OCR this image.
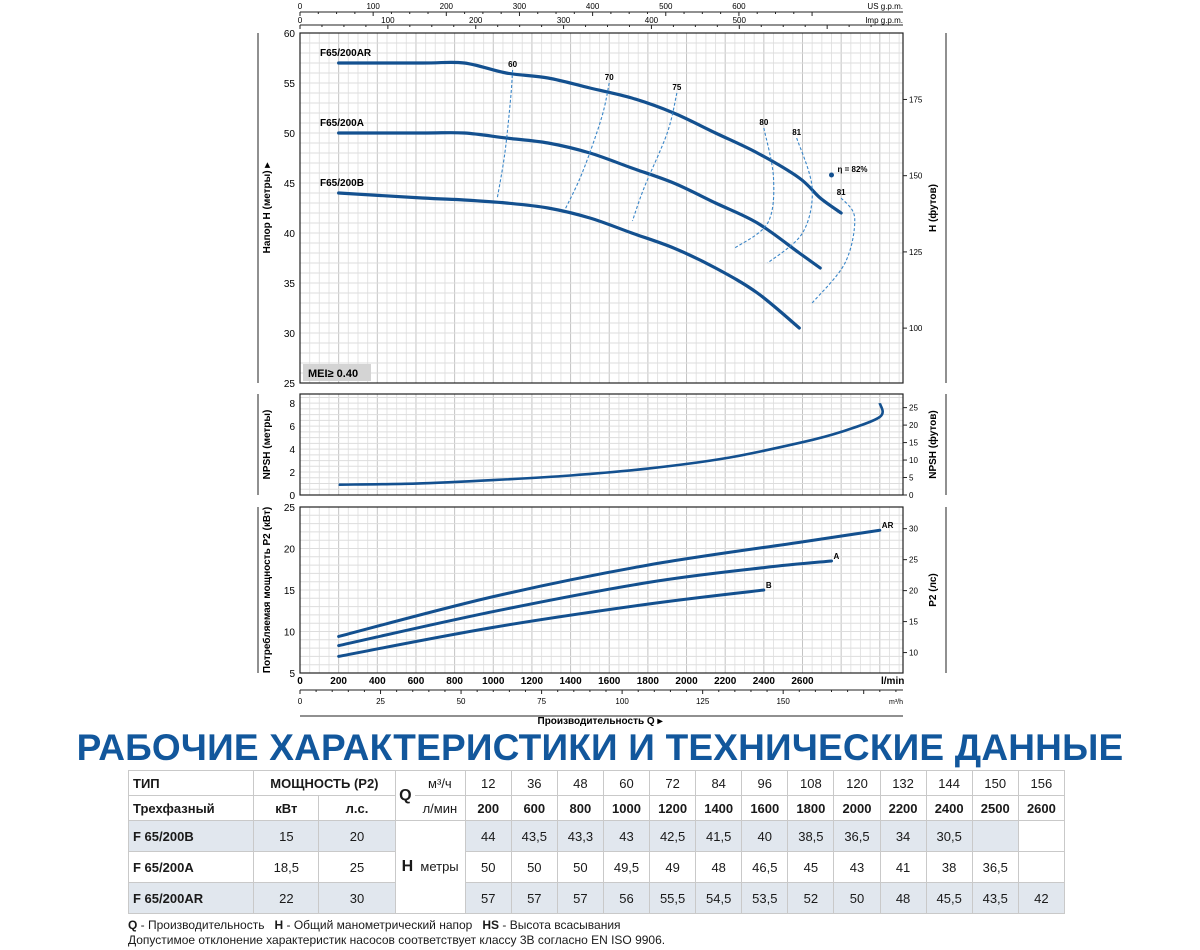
25
30
35
40
45
50
55
60
100
125
150
175
Напор H (метры) ▸	H (футов)
0
2
4
6
8
0
5
10
15
20
25
NPSH (метры)	NPSH (футов)
5
10
15
20
25
10
15
20
25
30
Потребляемая мощность P2 (кВт)	P2 (лс)
F65/200AR
F65/200A
F65/200B
60
70
75
80
81
81
η = 82%
MEI≥ 0.40
AR
A
B
0	100	200	300	400	500	600
0	100	200	300	400	500
US g.p.m.
Imp g.p.m.
0	200 400 600 800 1000 1200 1400 1600 1800 2000 2200 2400 2600	l/min
0	25	50	75	100	125	150	m³/h
Производительность Q ▸
РАБОЧИЕ ХАРАКТЕРИСТИКИ И ТЕХНИЧЕСКИЕ ДАННЫЕ
ТИП	МОЩНОСТЬ (P2)		Q	м³/ч	12	36	48	60	72	84	96	108	120	132	144	150	156
Трехфазный	кВт	л.с.		л/мин	200	600	800	1000	1200	1400	1600	1800	2000	2200	2400	2500	2600
F 65/200B	15	20	H метры		44	43,5	43,3	43	42,5	41,5	40	38,5	36,5	34	30,5		
F 65/200A	18,5	25			50	50	50	49,5	49	48	46,5	45	43	41	38	36,5	
F 65/200AR	22	30			57	57	57	56	55,5	54,5	53,5	52	50	48	45,5	43,5	42
Q - Производительность H - Общий манометрический напор HS - Высота всасывания
Допустимое отклонение характеристик насосов соответствует классу 3В согласно EN ISO 9906.
